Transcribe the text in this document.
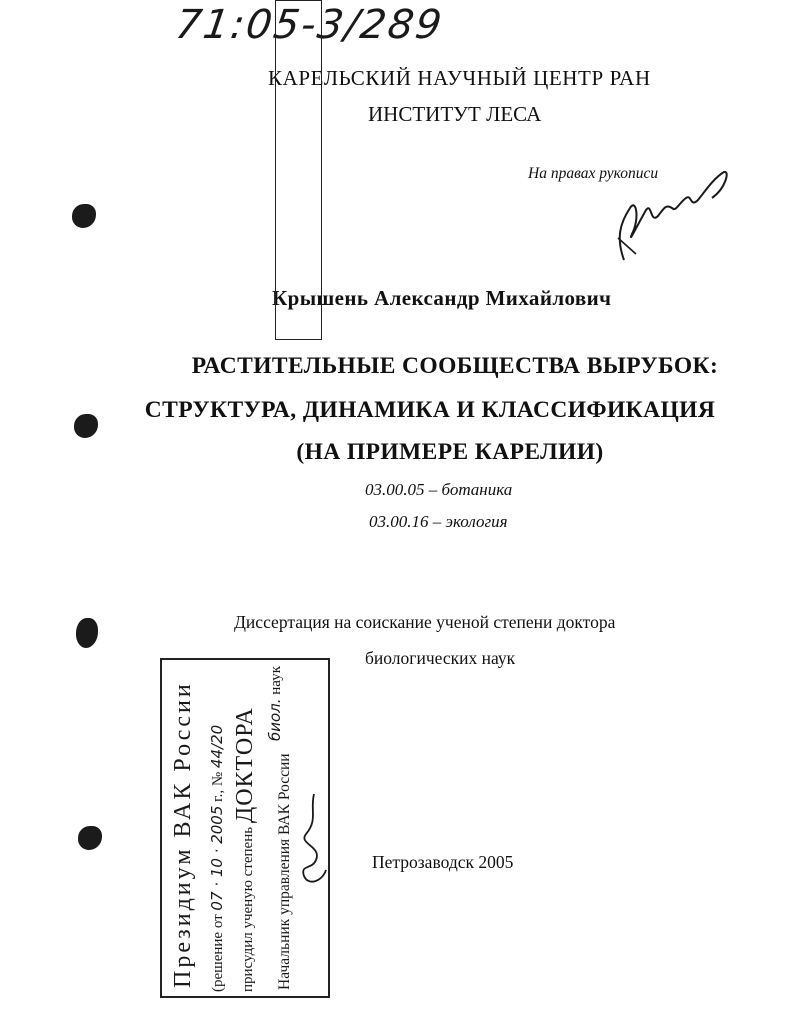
71:05-3/289
КАРЕЛЬСКИЙ НАУЧНЫЙ ЦЕНТР РАН
ИНСТИТУТ ЛЕСА
На правах рукописи
Крышень Александр Михайлович
РАСТИТЕЛЬНЫЕ СООБЩЕСТВА ВЫРУБОК:
СТРУКТУРА, ДИНАМИКА И КЛАССИФИКАЦИЯ
(НА ПРИМЕРЕ КАРЕЛИИ)
03.00.05 – ботаника
03.00.16 – экология
Диссертация на соискание ученой степени доктора
биологических наук
Петрозаводск 2005
Президиум ВАК России (решение от 07 · 10 · 2005 г., № 44/20
присудил ученую степень ДОКТОРА биол. наук
Начальник управления ВАК России
